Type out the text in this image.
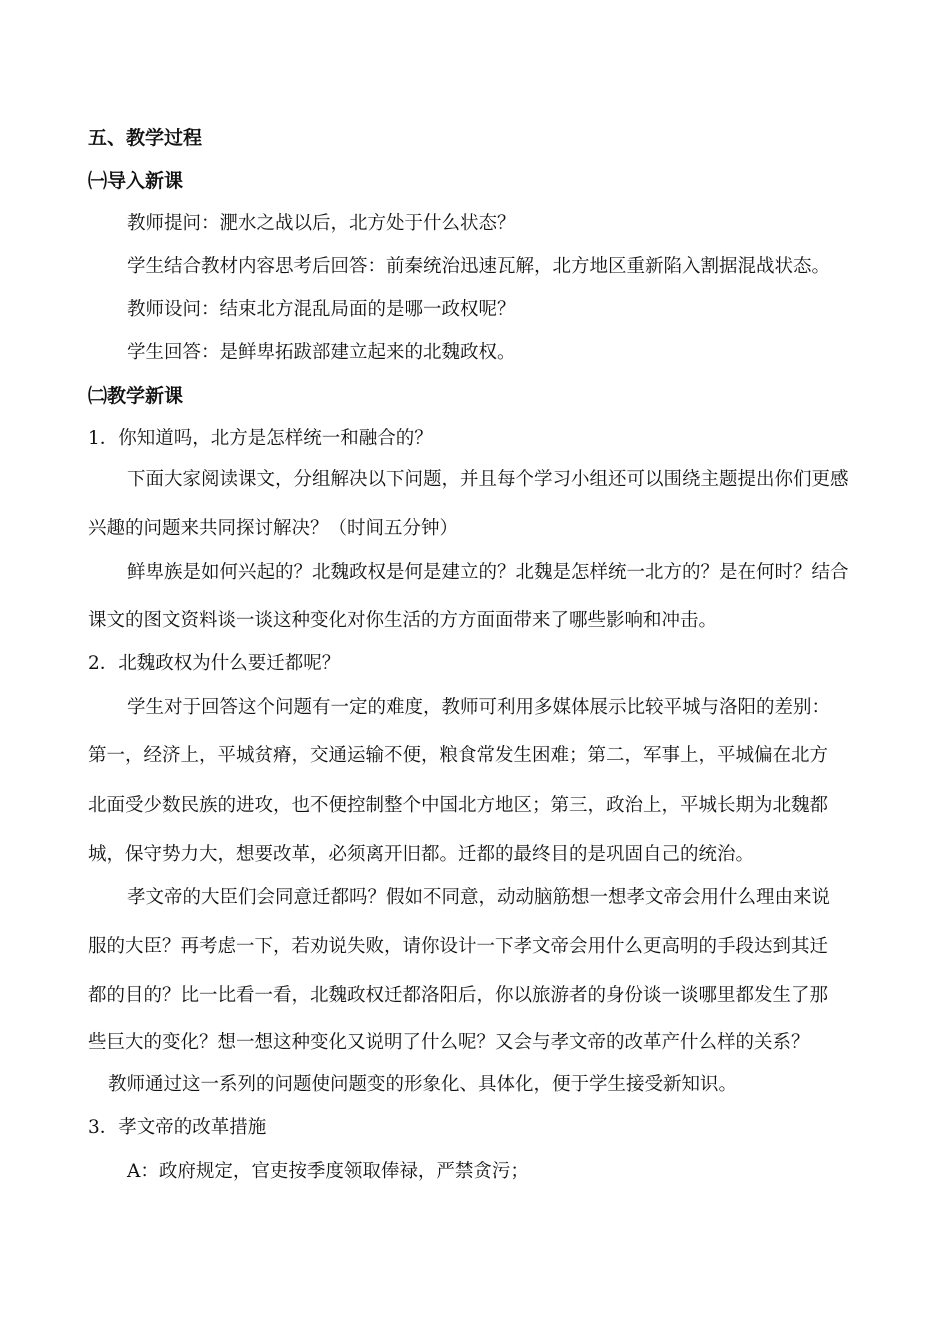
五、教学过程
㈠导入新课
教师提问：淝水之战以后，北方处于什么状态？
学生结合教材内容思考后回答：前秦统治迅速瓦解，北方地区重新陷入割据混战状态。
教师设问：结束北方混乱局面的是哪一政权呢？
学生回答：是鲜卑拓跋部建立起来的北魏政权。
㈡教学新课
1．你知道吗，北方是怎样统一和融合的？
下面大家阅读课文，分组解决以下问题，并且每个学习小组还可以围绕主题提出你们更感
兴趣的问题来共同探讨解决？（时间五分钟）
鲜卑族是如何兴起的？北魏政权是何是建立的？北魏是怎样统一北方的？是在何时？结合
课文的图文资料谈一谈这种变化对你生活的方方面面带来了哪些影响和冲击。
2．北魏政权为什么要迁都呢？
学生对于回答这个问题有一定的难度，教师可利用多媒体展示比较平城与洛阳的差别：
第一，经济上，平城贫瘠，交通运输不便，粮食常发生困难；第二，军事上，平城偏在北方
北面受少数民族的进攻，也不便控制整个中国北方地区；第三，政治上，平城长期为北魏都
城，保守势力大，想要改革，必须离开旧都。迁都的最终目的是巩固自己的统治。
孝文帝的大臣们会同意迁都吗？假如不同意，动动脑筋想一想孝文帝会用什么理由来说
服的大臣？再考虑一下，若劝说失败，请你设计一下孝文帝会用什么更高明的手段达到其迁
都的目的？比一比看一看，北魏政权迁都洛阳后，你以旅游者的身份谈一谈哪里都发生了那
些巨大的变化？想一想这种变化又说明了什么呢？又会与孝文帝的改革产什么样的关系？
教师通过这一系列的问题使问题变的形象化、具体化，便于学生接受新知识。
3．孝文帝的改革措施
A：政府规定，官吏按季度领取俸禄，严禁贪污；
